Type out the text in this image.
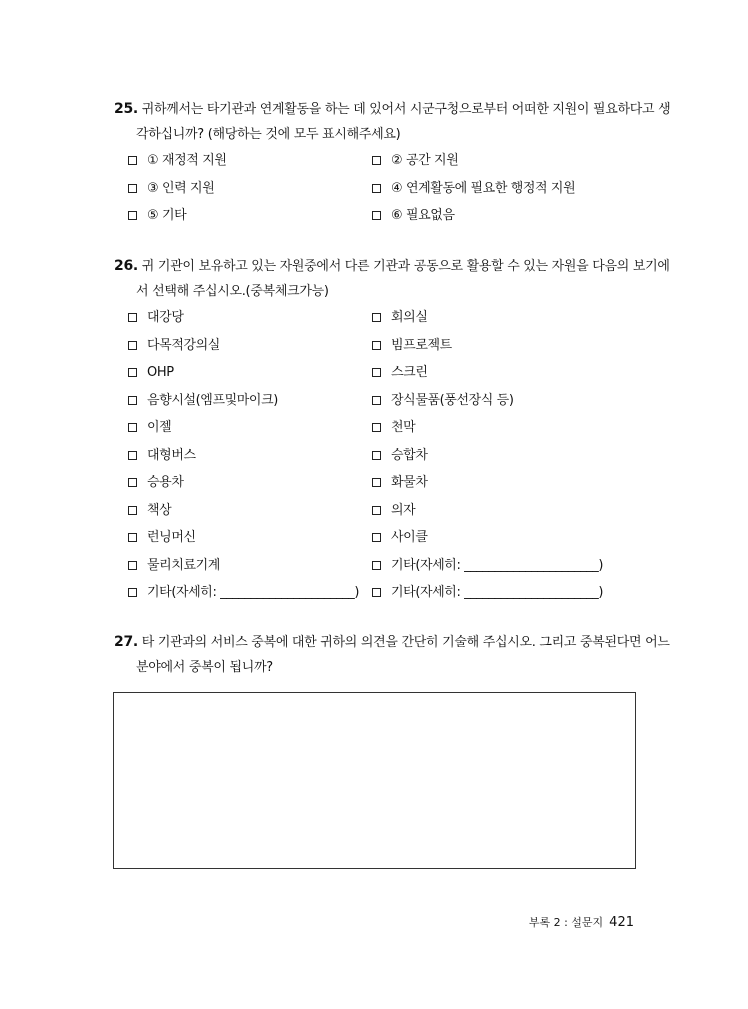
25. 귀하께서는 타기관과 연계활동을 하는 데 있어서 시군구청으로부터 어떠한 지원이 필요하다고 생
각하십니까? (해당하는 것에 모두 표시해주세요)
① 재정적 지원	② 공간 지원
③ 인력 지원	④ 연계활동에 필요한 행정적 지원
⑤ 기타	⑥ 필요없음
26. 귀 기관이 보유하고 있는 자원중에서 다른 기관과 공동으로 활용할 수 있는 자원을 다음의 보기에
서 선택해 주십시오.(중복체크가능)
대강당	회의실
다목적강의실	빔프로젝트
OHP	스크린
음향시설(엠프및마이크)	장식물품(풍선장식 등)
이젤	천막
대형버스	승합차
승용차	화물차
책상	의자
런닝머신	사이클
물리치료기계	기타(자세히: ______________________)
기타(자세히: ______________________)	기타(자세히: ______________________)
27. 타 기관과의 서비스 중복에 대한 귀하의 의견을 간단히 기술해 주십시오. 그리고 중복된다면 어느
분야에서 중복이 됩니까?
부록 2 : 설문지 421
